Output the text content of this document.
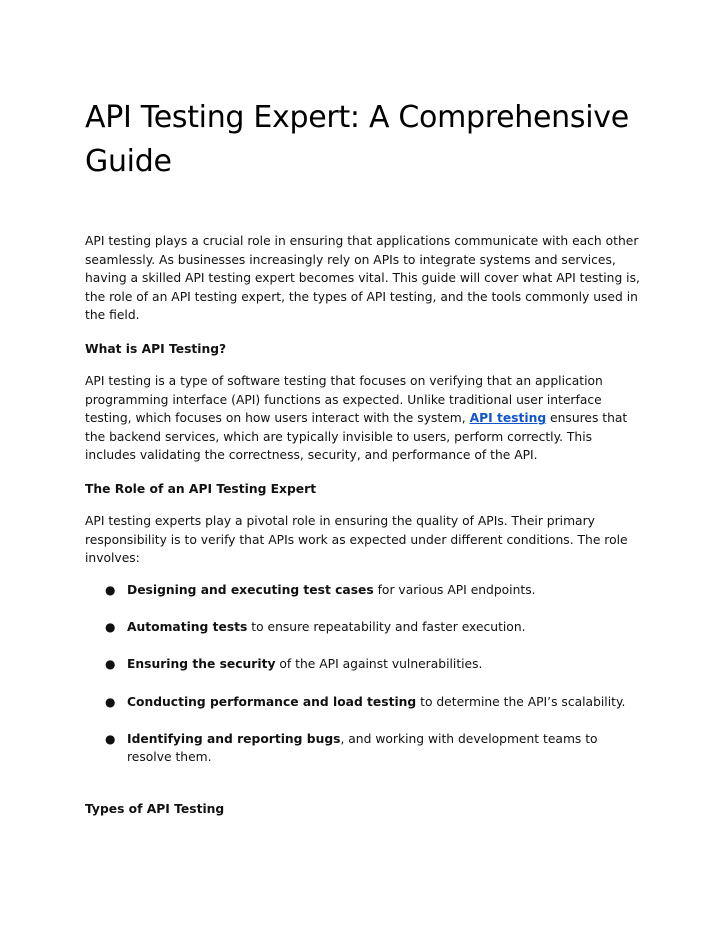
API Testing Expert: A Comprehensive Guide

API testing plays a crucial role in ensuring that applications communicate with each other seamlessly. As businesses increasingly rely on APIs to integrate systems and services, having a skilled API testing expert becomes vital. This guide will cover what API testing is, the role of an API testing expert, the types of API testing, and the tools commonly used in the field.

What is API Testing?

API testing is a type of software testing that focuses on verifying that an application programming interface (API) functions as expected. Unlike traditional user interface testing, which focuses on how users interact with the system, API testing ensures that the backend services, which are typically invisible to users, perform correctly. This includes validating the correctness, security, and performance of the API.

The Role of an API Testing Expert

API testing experts play a pivotal role in ensuring the quality of APIs. Their primary responsibility is to verify that APIs work as expected under different conditions. The role involves:

● Designing and executing test cases for various API endpoints.
● Automating tests to ensure repeatability and faster execution.
● Ensuring the security of the API against vulnerabilities.
● Conducting performance and load testing to determine the API’s scalability.
● Identifying and reporting bugs, and working with development teams to resolve them.

Types of API Testing
